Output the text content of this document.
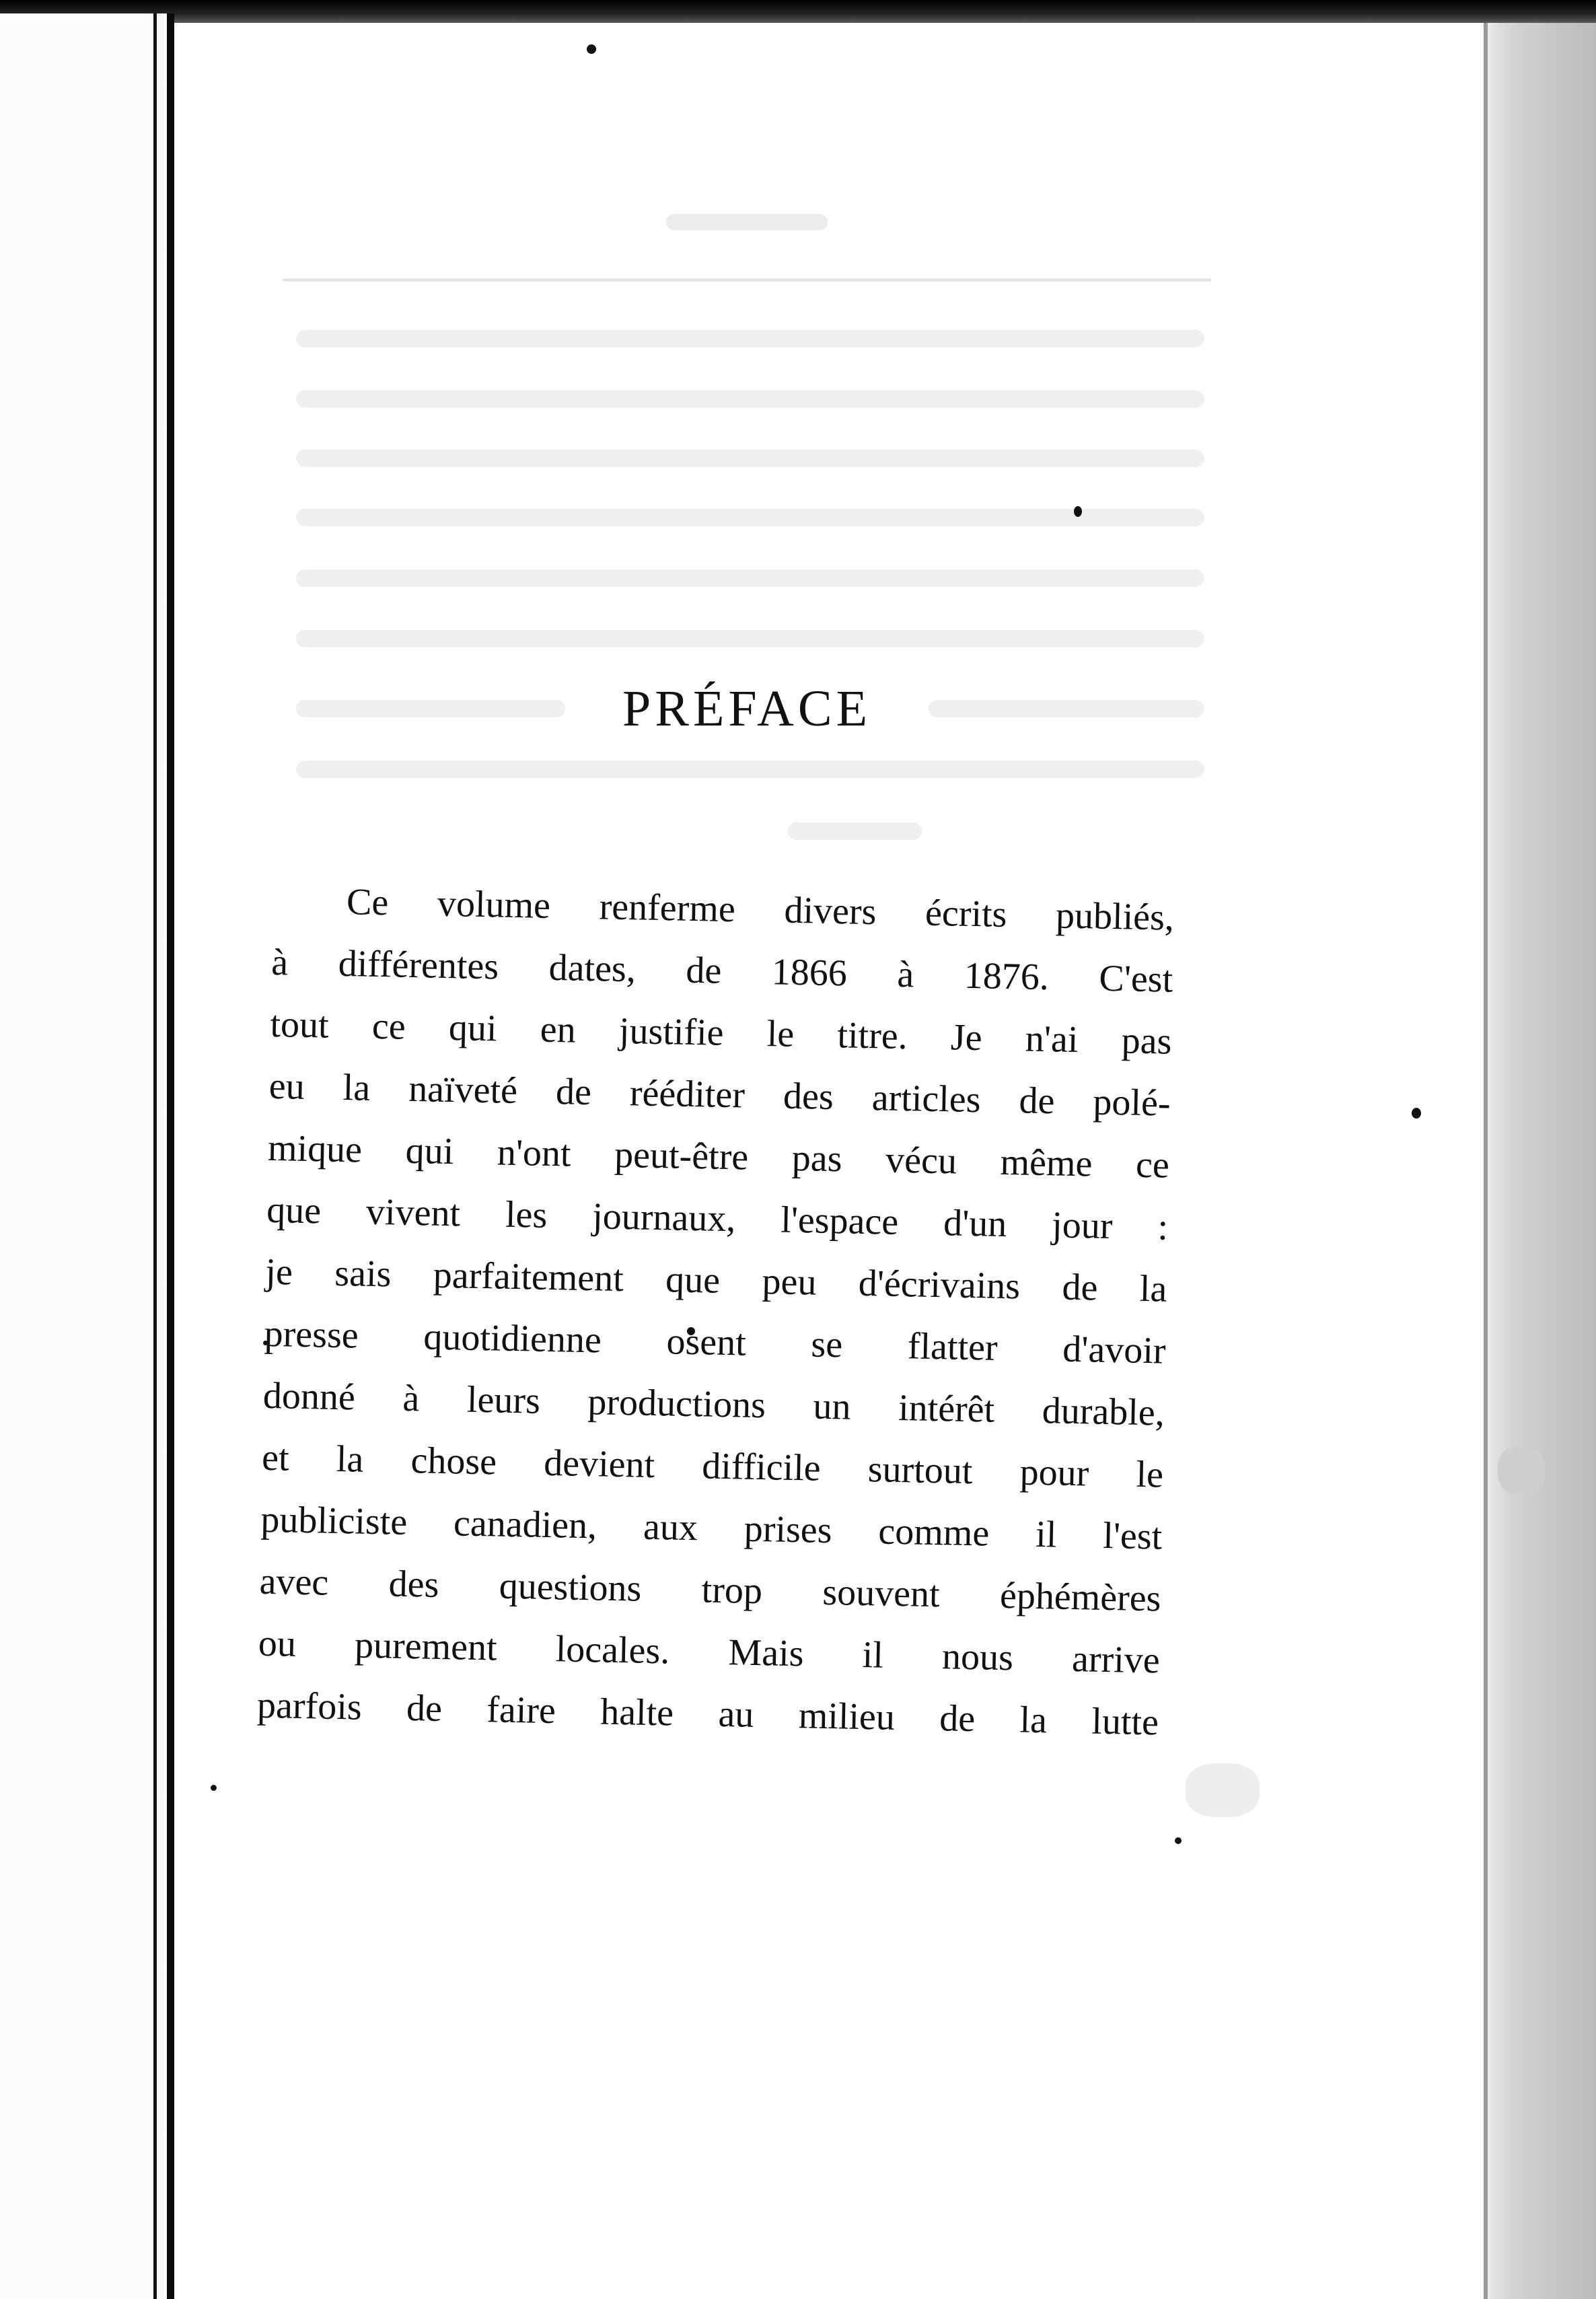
PRÉFACE
Ce volume renferme divers écrits publiés,
à différentes dates, de 1866 à 1876. C'est
tout ce qui en justifie le titre. Je n'ai pas
eu la naïveté de rééditer des articles de polé-
mique qui n'ont peut-être pas vécu même ce
que vivent les journaux, l'espace d'un jour :
je sais parfaitement que peu d'écrivains de la
presse quotidienne osent se flatter d'avoir
donné à leurs productions un intérêt durable,
et la chose devient difficile surtout pour le
publiciste canadien, aux prises comme il l'est
avec des questions trop souvent éphémères
ou purement locales. Mais il nous arrive
parfois de faire halte au milieu de la lutte
